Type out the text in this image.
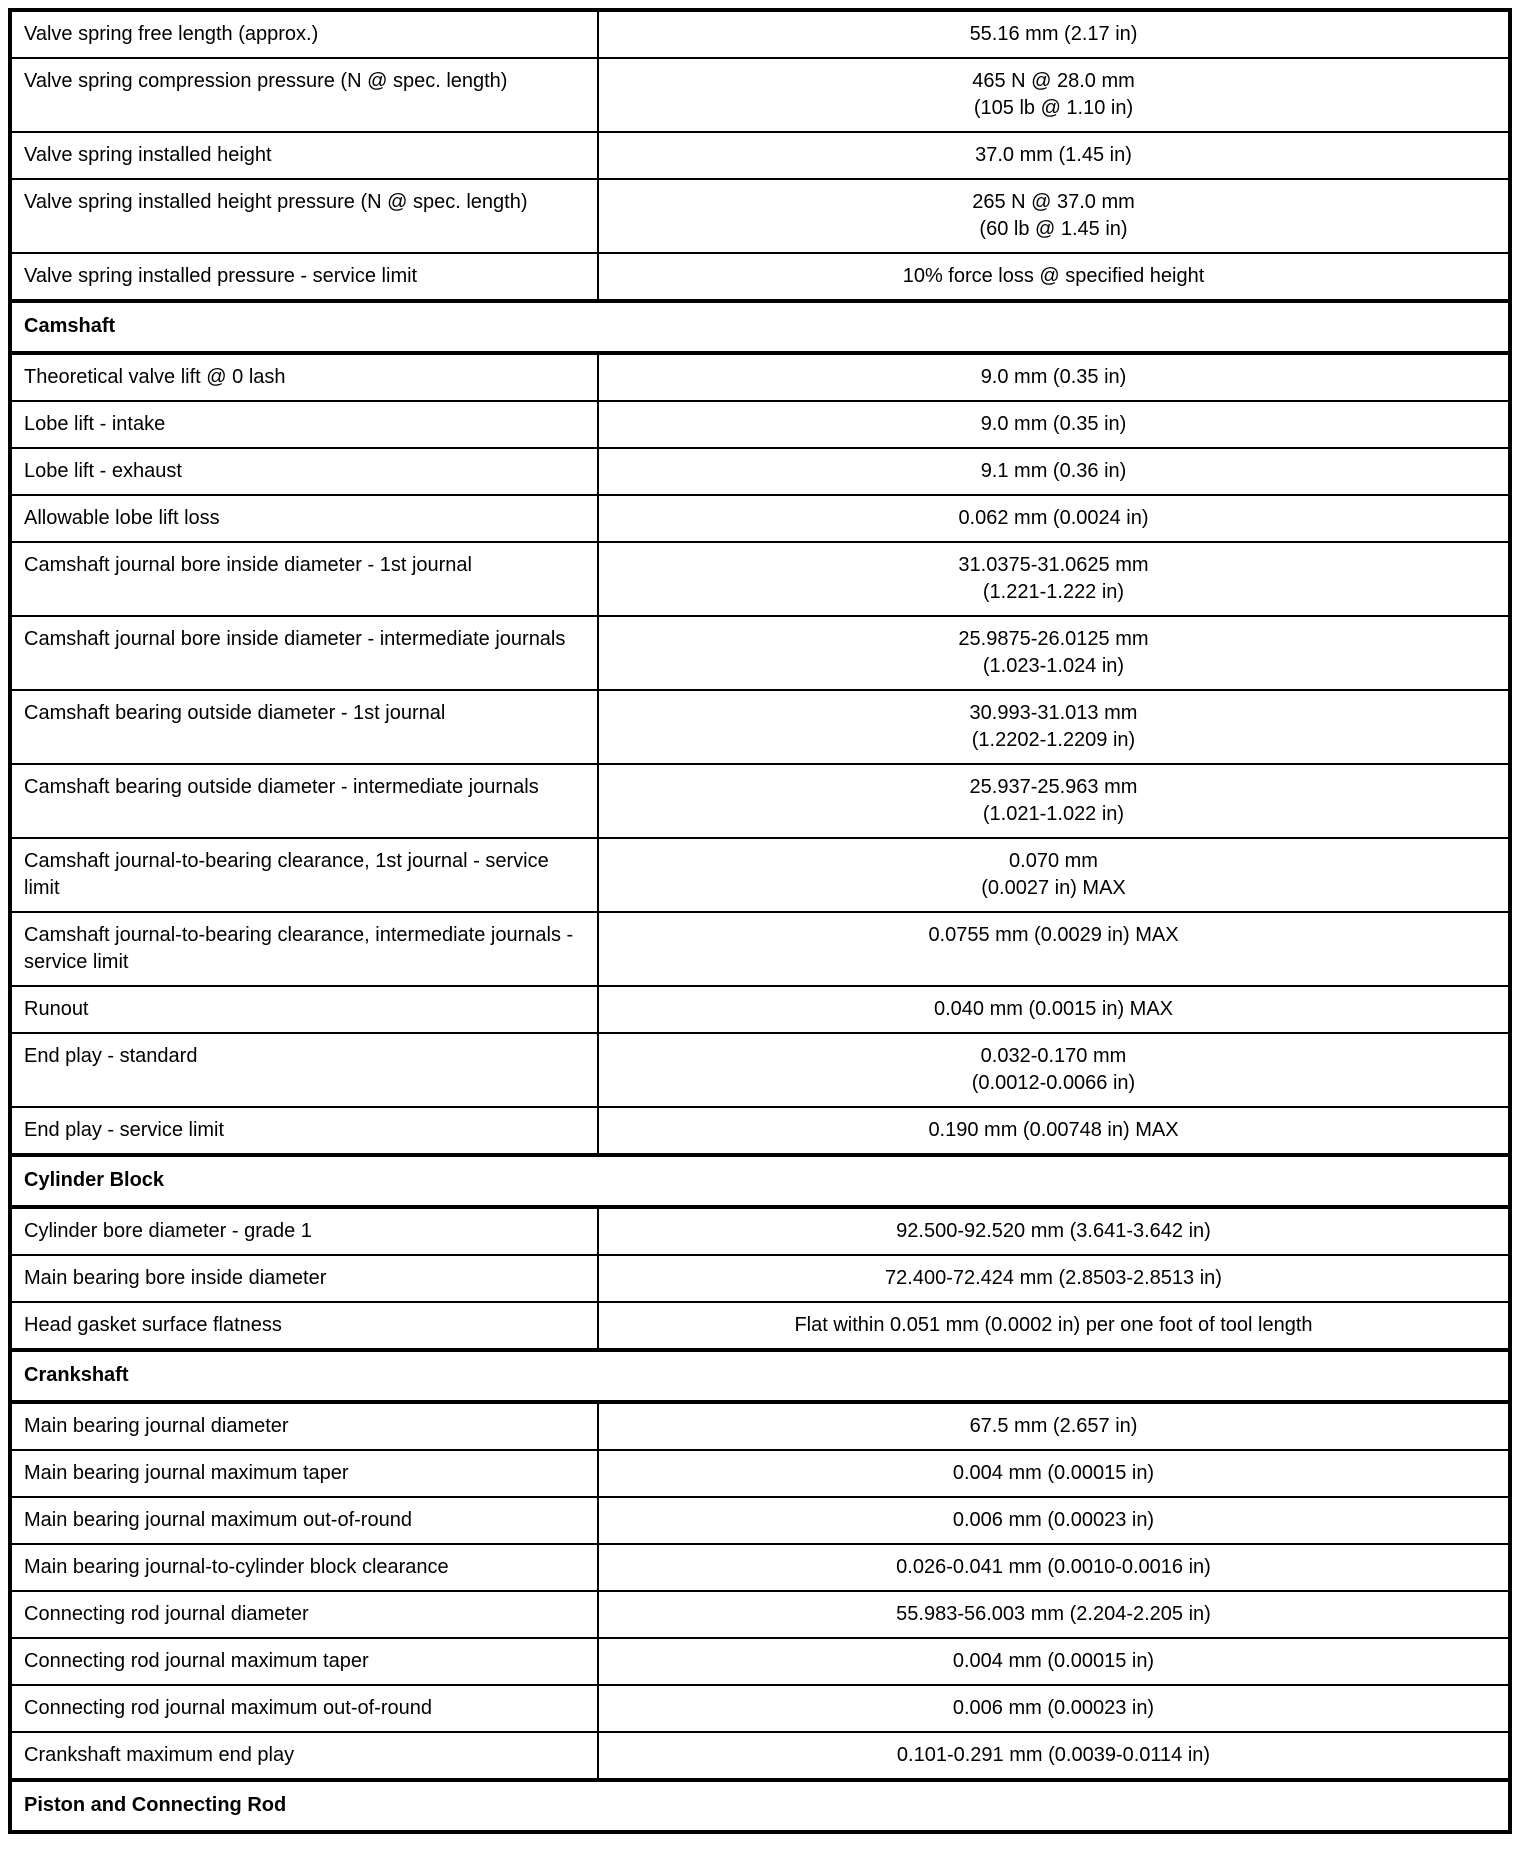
Valve spring free length (approx.)	55.16 mm (2.17 in)

Valve spring compression pressure (N @ spec. length)	465 N @ 28.0 mm
(105 lb @ 1.10 in)

Valve spring installed height	37.0 mm (1.45 in)

Valve spring installed height pressure (N @ spec. length)	265 N @ 37.0 mm
(60 lb @ 1.45 in)

Valve spring installed pressure - service limit	10% force loss @ specified height

Camshaft	
Theoretical valve lift @ 0 lash	9.0 mm (0.35 in)

Lobe lift - intake	9.0 mm (0.35 in)

Lobe lift - exhaust	9.1 mm (0.36 in)

Allowable lobe lift loss	0.062 mm (0.0024 in)

Camshaft journal bore inside diameter - 1st journal	31.0375-31.0625 mm
(1.221-1.222 in)

Camshaft journal bore inside diameter - intermediate journals	25.9875-26.0125 mm
(1.023-1.024 in)

Camshaft bearing outside diameter - 1st journal	30.993-31.013 mm
(1.2202-1.2209 in)

Camshaft bearing outside diameter - intermediate journals	25.937-25.963 mm
(1.021-1.022 in)

Camshaft journal-to-bearing clearance, 1st journal - service limit	0.070 mm
(0.0027 in) MAX

Camshaft journal-to-bearing clearance, intermediate journals - service limit	0.0755 mm (0.0029 in) MAX

Runout	0.040 mm (0.0015 in) MAX

End play - standard	0.032-0.170 mm
(0.0012-0.0066 in)

End play - service limit	0.190 mm (0.00748 in) MAX

Cylinder Block	
Cylinder bore diameter - grade 1	92.500-92.520 mm (3.641-3.642 in)

Main bearing bore inside diameter	72.400-72.424 mm (2.8503-2.8513 in)

Head gasket surface flatness	Flat within 0.051 mm (0.0002 in) per one foot of tool length

Crankshaft	
Main bearing journal diameter	67.5 mm (2.657 in)

Main bearing journal maximum taper	0.004 mm (0.00015 in)

Main bearing journal maximum out-of-round	0.006 mm (0.00023 in)

Main bearing journal-to-cylinder block clearance	0.026-0.041 mm (0.0010-0.0016 in)

Connecting rod journal diameter	55.983-56.003 mm (2.204-2.205 in)

Connecting rod journal maximum taper	0.004 mm (0.00015 in)

Connecting rod journal maximum out-of-round	0.006 mm (0.00023 in)

Crankshaft maximum end play	0.101-0.291 mm (0.0039-0.0114 in)

Piston and Connecting Rod	
